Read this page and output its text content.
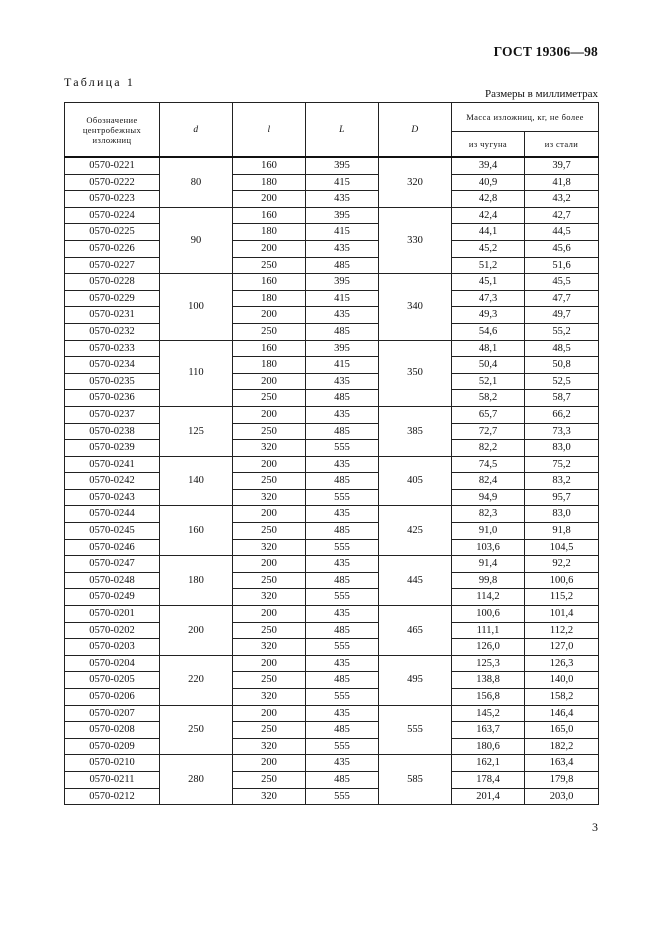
ГОСТ 19306—98
Таблица 1
Размеры в миллиметрах
Обозначение центробежных изложниц	d	l	L	D	Масса изложниц, кг, не более	
					из чугуна	из стали
0570-0221	80	160	395	320	39,4	39,7
0570-0222		180	415		40,9	41,8
0570-0223		200	435		42,8	43,2
0570-0224	90	160	395	330	42,4	42,7
0570-0225		180	415		44,1	44,5
0570-0226		200	435		45,2	45,6
0570-0227		250	485		51,2	51,6
0570-0228	100	160	395	340	45,1	45,5
0570-0229		180	415		47,3	47,7
0570-0231		200	435		49,3	49,7
0570-0232		250	485		54,6	55,2
0570-0233	110	160	395	350	48,1	48,5
0570-0234		180	415		50,4	50,8
0570-0235		200	435		52,1	52,5
0570-0236		250	485		58,2	58,7
0570-0237	125	200	435	385	65,7	66,2
0570-0238		250	485		72,7	73,3
0570-0239		320	555		82,2	83,0
0570-0241	140	200	435	405	74,5	75,2
0570-0242		250	485		82,4	83,2
0570-0243		320	555		94,9	95,7
0570-0244	160	200	435	425	82,3	83,0
0570-0245		250	485		91,0	91,8
0570-0246		320	555		103,6	104,5
0570-0247	180	200	435	445	91,4	92,2
0570-0248		250	485		99,8	100,6
0570-0249		320	555		114,2	115,2
0570-0201	200	200	435	465	100,6	101,4
0570-0202		250	485		111,1	112,2
0570-0203		320	555		126,0	127,0
0570-0204	220	200	435	495	125,3	126,3
0570-0205		250	485		138,8	140,0
0570-0206		320	555		156,8	158,2
0570-0207	250	200	435	555	145,2	146,4
0570-0208		250	485		163,7	165,0
0570-0209		320	555		180,6	182,2
0570-0210	280	200	435	585	162,1	163,4
0570-0211		250	485		178,4	179,8
0570-0212		320	555		201,4	203,0
3
